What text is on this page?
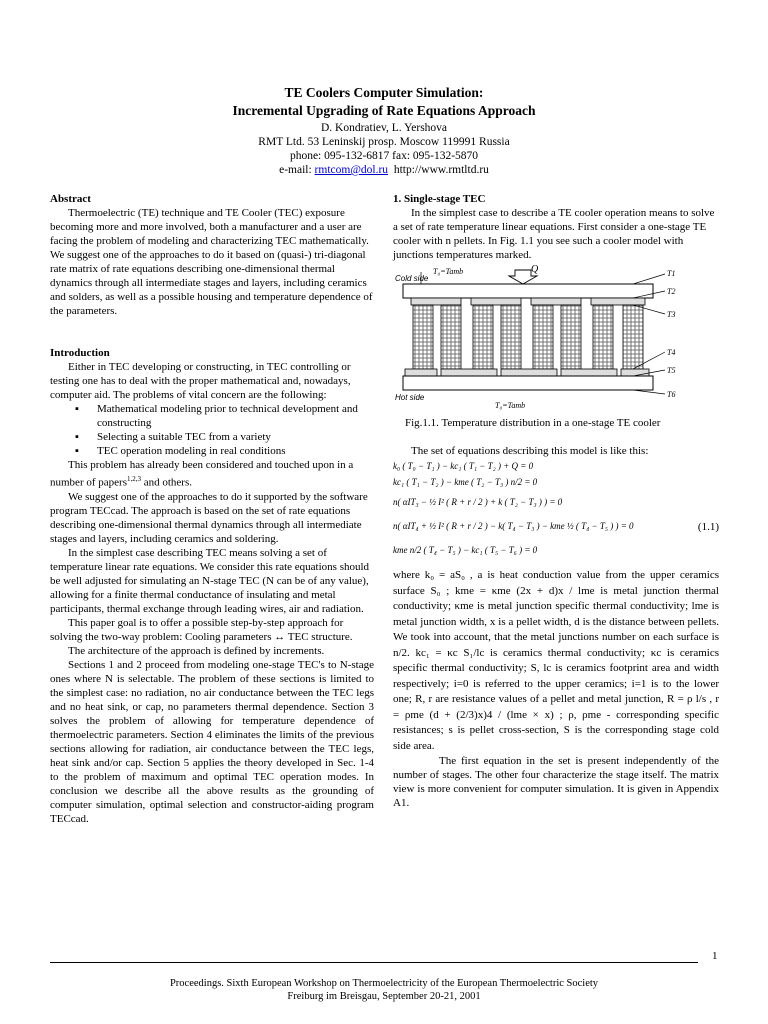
TE Coolers Computer Simulation:
Incremental Upgrading of Rate Equations Approach
D. Kondratiev, L. Yershova
RMT Ltd. 53 Leninskij prosp. Moscow 119991 Russia
phone: 095-132-6817 fax: 095-132-5870
e-mail: rmtcom@dol.ru http://www.rmtltd.ru
Abstract

Thermoelectric (TE) technique and TE Cooler (TEC) exposure becoming more and more involved, both a manufacturer and a user are facing the problem of modeling and characterizing TEC mathematically. We suggest one of the approaches to do it based on (quasi-) tri-diagonal rate matrix of rate equations describing one-dimensional thermal dynamics through all intermediate stages and layers, including ceramics and solders, as well as a possible housing and temperature dependence of the parameters.

Introduction

Either in TEC developing or constructing, in TEC controlling or testing one has to deal with the proper mathematical and, nowadays, computer aid. The problems of vital concern are the following:

▪ Mathematical modeling prior to technical development and constructing
▪ Selecting a suitable TEC from a variety
▪ TEC operation modeling in real conditions

This problem has already been considered and touched upon in a number of papers$^{1,2,3}$ and others.

We suggest one of the approaches to do it supported by the software program TECcad. The approach is based on the set of rate equations describing one-dimensional thermal dynamics through all intermediate stages and layers, including ceramics and soldering.

In the simplest case describing TEC means solving a set of temperature linear rate equations. We consider this rate equations should be well adjusted for simulating an N-stage TEC (N can be of any value), allowing for a finite thermal conductance of insulating and metal participants, thermal exchange through leading wires, air and radiation.

This paper goal is to offer a possible step-by-step approach for solving the two-way problem: Cooling parameters ↔ TEC structure.

The architecture of the approach is defined by increments.

Sections 1 and 2 proceed from modeling one-stage TEC's to N-stage ones where N is selectable. The problem of these sections is limited to the simplest case: no radiation, no air conductance between the TEC legs and no heat sink, or cap, no parameters thermal dependence. Section 3 solves the problem of allowing for temperature dependence of thermoelectric parameters. Section 4 eliminates the limits of the previous sections allowing for radiation, air conductance between the TEC legs, heat sink and/or cap. Section 5 applies the theory developed in Sec. 1-4 to the problem of maximum and optimal TEC operation modes. In conclusion we describe all the above results as the grounding of computer simulation, optimal selection and constructor-aiding program TECcad.

1. Single-stage TEC

In the simplest case to describe a TE cooler operation means to solve a set of rate temperature linear equations. First consider a one-stage TE cooler with n pellets. In Fig. 1.1 you see such a cooler model with junctions temperatures marked.

Cold side
Hot side
T₀=Tamb	Q
T₀=Tamb
T1
T2
T3
T4
T5
T6
Fig.1.1. Temperature distribution in a one-stage TE cooler

The set of equations describing this model is like this:

k₀ ( T₀ − T₁ ) − kc₁ ( T₁ − T₂ ) + Q = 0
kc₁ ( T₁ − T₂ ) − kme ( T₂ − T₃ ) n/2 = 0
n( αIT₃ − ½ I² ( R + r / 2 ) + k ( T₂ − T₃ ) ) = 0
n( αIT₄ + ½ I² ( R + r / 2 ) − k( T₄ − T₃ ) − kme ½ ( T₄ − T₅ ) ) = 0
kme n/2 ( T₄ − T₅ ) − kc₁ ( T₅ − T₆ ) = 0
(1.1)

where k₀ = aS₀ , a is heat conduction value from the upper ceramics surface S₀ ; kme = κme (2x + d)x / lme is metal junction thermal conductivity; κme is metal junction specific thermal conductivity; lme is metal junction width, x is a pellet width, d is the distance between pellets. We took into account, that the metal junctions number on each surface is n/2. kc₁ = κc S₁/lc is ceramics thermal conductivity; κc is ceramics specific thermal conductivity; S, lc is ceramics footprint area and width respectively; i=0 is referred to the upper ceramics; i=1 is to the lower one; R, r are resistance values of a pellet and metal junction, R = ρ l/s , r = ρme (d + (2/3)x)4 / (lme × x) ; ρ, ρme - corresponding specific resistances; s is pellet cross-section, S is the corresponding stage cold side area.

The first equation in the set is present independently of the number of stages. The other four characterize the stage itself. The matrix view is more convenient for computer simulation. It is given in Appendix A1.

1
Proceedings. Sixth European Workshop on Thermoelectricity of the European Thermoelectric Society
Freiburg im Breisgau, September 20-21, 2001
